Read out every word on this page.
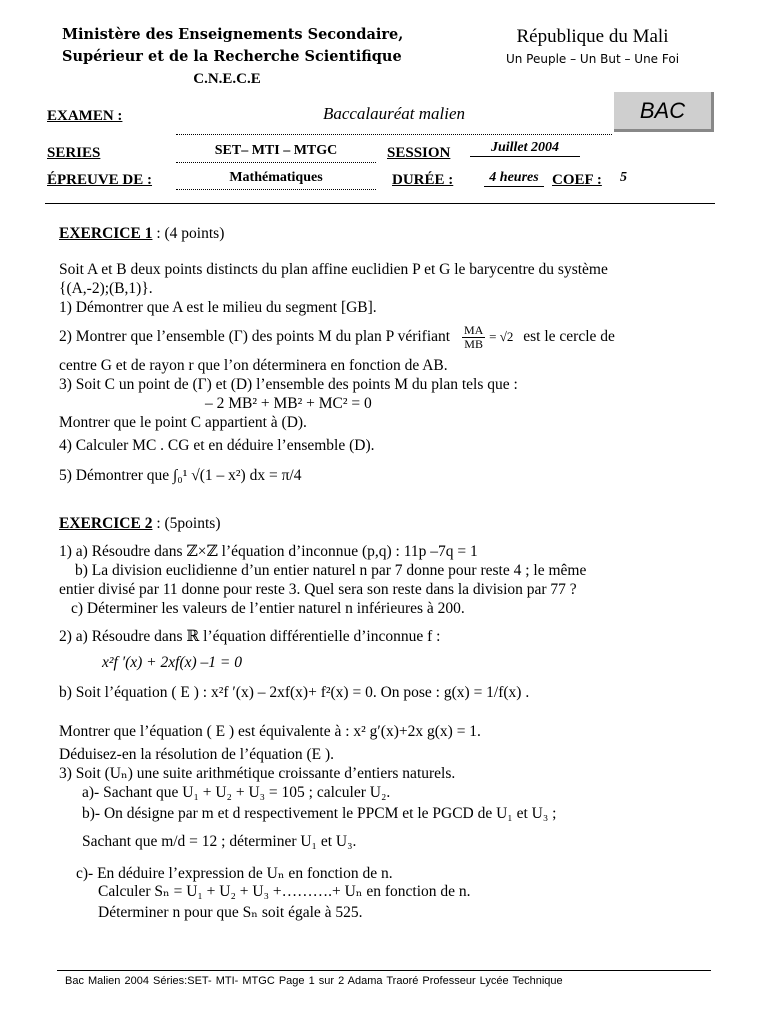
Ministère des Enseignements Secondaire,
Supérieur et de la Recherche Scientifique
C.N.E.C.E
République du Mali
Un Peuple – Un But – Une Foi
EXAMEN :	Baccalauréat malien	BAC
SERIES	SET– MTI – MTGC	SESSION	Juillet 2004
ÉPREUVE DE :	Mathématiques	DURÉE :	4 heures COEF : 5
EXERCICE 1 : (4 points)
Soit A et B deux points distincts du plan affine euclidien P et G le barycentre du système
{(A,-2);(B,1)}.
1) Démontrer que A est le milieu du segment [GB].
2) Montrer que l’ensemble (Γ) des points M du plan P vérifiant $\frac{MA}{MB} = √2$ est le cercle de
centre G et de rayon r que l’on déterminera en fonction de AB.
3) Soit C un point de (Γ) et (D) l’ensemble des points M du plan tels que :
– 2 MB² + MB² + MC² = 0
Montrer que le point C appartient à (D).
4) Calculer MC . CG et en déduire l’ensemble (D).
5) Démontrer que ∫₀¹ √(1 – x²) dx = π/4
EXERCICE 2 : (5points)
1) a) Résoudre dans ℤ×ℤ l’équation d’inconnue (p,q) : 11p –7q = 1
b) La division euclidienne d’un entier naturel n par 7 donne pour reste 4 ; le même
entier divisé par 11 donne pour reste 3. Quel sera son reste dans la division par 77 ?
c) Déterminer les valeurs de l’entier naturel n inférieures à 200.
2) a) Résoudre dans ℝ l’équation différentielle d’inconnue f :
x²f ′(x) + 2xf(x) –1 = 0
b) Soit l’équation ( E ) : x²f ′(x) – 2xf(x)+ f²(x) = 0. On pose : g(x) = 1/f(x) .
Montrer que l’équation ( E ) est équivalente à : x² g′(x)+2x g(x) = 1.
Déduisez-en la résolution de l’équation (E ).
3) Soit (Uₙ) une suite arithmétique croissante d’entiers naturels.
a)- Sachant que U₁ + U₂ + U₃ = 105 ; calculer U₂.
b)- On désigne par m et d respectivement le PPCM et le PGCD de U₁ et U₃ ;
Sachant que m/d = 12 ; déterminer U₁ et U₃.
c)- En déduire l’expression de Uₙ en fonction de n.
Calculer Sₙ = U₁ + U₂ + U₃ +……….+ Uₙ en fonction de n.
Déterminer n pour que Sₙ soit égale à 525.
Bac Malien 2004 Séries:SET- MTI- MTGC Page 1 sur 2 Adama Traoré Professeur Lycée Technique
